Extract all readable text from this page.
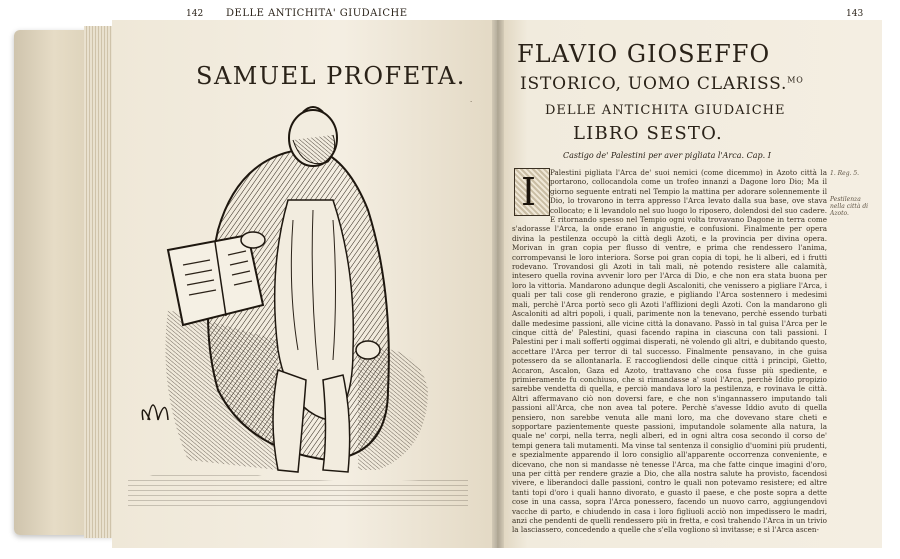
142 DELLE ANTICHITA' GIUDAICHE
SAMUEL PROFETA.
·
143
FLAVIO GIOSEFFO
ISTORICO, UOMO CLARISS.$^{MO}$
DELLE ANTICHITA GIUDAICHE
LIBRO SESTO.
Castigo de' Palestini per aver pigliata l'Arca. Cap. I
I	Palestini pigliata l'Arca de' suoi nemici (come dicemmo) in Azoto città la portarono, collocandola come un trofeo innanzi a Dagone loro Dio; Ma il giorno seguente entrati nel Tempio la mattina per adorare solennemente il Dio, lo trovarono in terra appresso l'Arca levato dalla sua base, ove stava collocato; e li levandolo nel suo luogo lo riposero, dolendosi del suo cadere. E ritornando spesso nel Tempio ogni volta trovavano Dagone in terra come s'adorasse l'Arca, la onde erano in angustie, e confusioni. Finalmente per opera divina la pestilenza occupò la città degli Azoti, e la provincia per divina opera. Morivan in gran copia per flusso di ventre, e prima che rendessero l'anima, corrompevansi le loro interiora. Sorse poi gran copia di topi, he li alberi, ed i frutti rodevano. Trovandosi gli Azoti in tali mali, nè potendo resistere alle calamità, intesero quella rovina avvenir loro per l'Arca di Dio, e che non era stata buona per loro la vittoria. Mandarono adunque degli Ascaloniti, che venissero a pigliare l'Arca, i quali per tali cose gli renderono grazie, e pigliando l'Arca sostennero i medesimi mali, perchè l'Arca portò seco gli Azoti l'afflizioni degli Azoti. Con la mandarono gli Ascaloniti ad altri popoli, i quali, parimente non la tenevano, perchè essendo turbati dalle medesime passioni, alle vicine città la donavano. Passò in tal guisa l'Arca per le cinque città de' Palestini, quasi facendo rapina in ciascuna con tali passioni. I Palestini per i mali sofferti oggimai disperati, nè volendo gli altri, e dubitando questo, accettare l'Arca per terror di tal successo. Finalmente pensavano, in che guisa potessero da se allontanarla. E raccogliendosi delle cinque città i principi, Gietto, Accaron, Ascalon, Gaza ed Azoto, trattavano che cosa fusse più spediente, e primieramente fu conchiuso, che si rimandasse a' suoi l'Arca, perchè Iddio propizio sarebbe vendetta di quella, e perciò mandava loro la pestilenza, e rovinava le città. Altri affermavano ciò non doversi fare, e che non s'ingannassero imputando tali passioni all'Arca, che non avea tal potere. Perchè s'avesse Iddio avuto di quella pensiero, non sarebbe venuta alle mani loro, ma che dovevano stare cheti e sopportare pazientemente queste passioni, imputandole solamente alla natura, la quale ne' corpi, nella terra, negli alberi, ed in ogni altra cosa secondo il corso de' tempi genera tali mutamenti. Ma vinse tal sentenza il consiglio d'uomini più prudenti, e spezialmente apparendo il loro consiglio all'apparente occorrenza conveniente, e dicevano, che non si mandasse nè tenesse l'Arca, ma che fatte cinque imagini d'oro, una per città per rendere grazie a Dio, che alla nostra salute ha provisto, facendosi vivere, e liberandoci dalle passioni, contro le quali non potevamo resistere; ed altre tanti topi d'oro i quali hanno divorato, e guasto il paese, e che poste sopra a dette cose in una cassa, sopra l'Arca ponessero, facendo un nuovo carro, aggiungendovi vacche di parto, e chiudendo in casa i loro figliuoli acciò non impedissero le madri, anzi che pendenti de quelli rendessero più in fretta, e così trahendo l'Arca in un trivio la lasciassero, concedendo a quelle che s'ella vogliono sì invitasse; e si l'Arca ascen-
1. Reg. 5.
Pestilenza nella città di Azoto.
